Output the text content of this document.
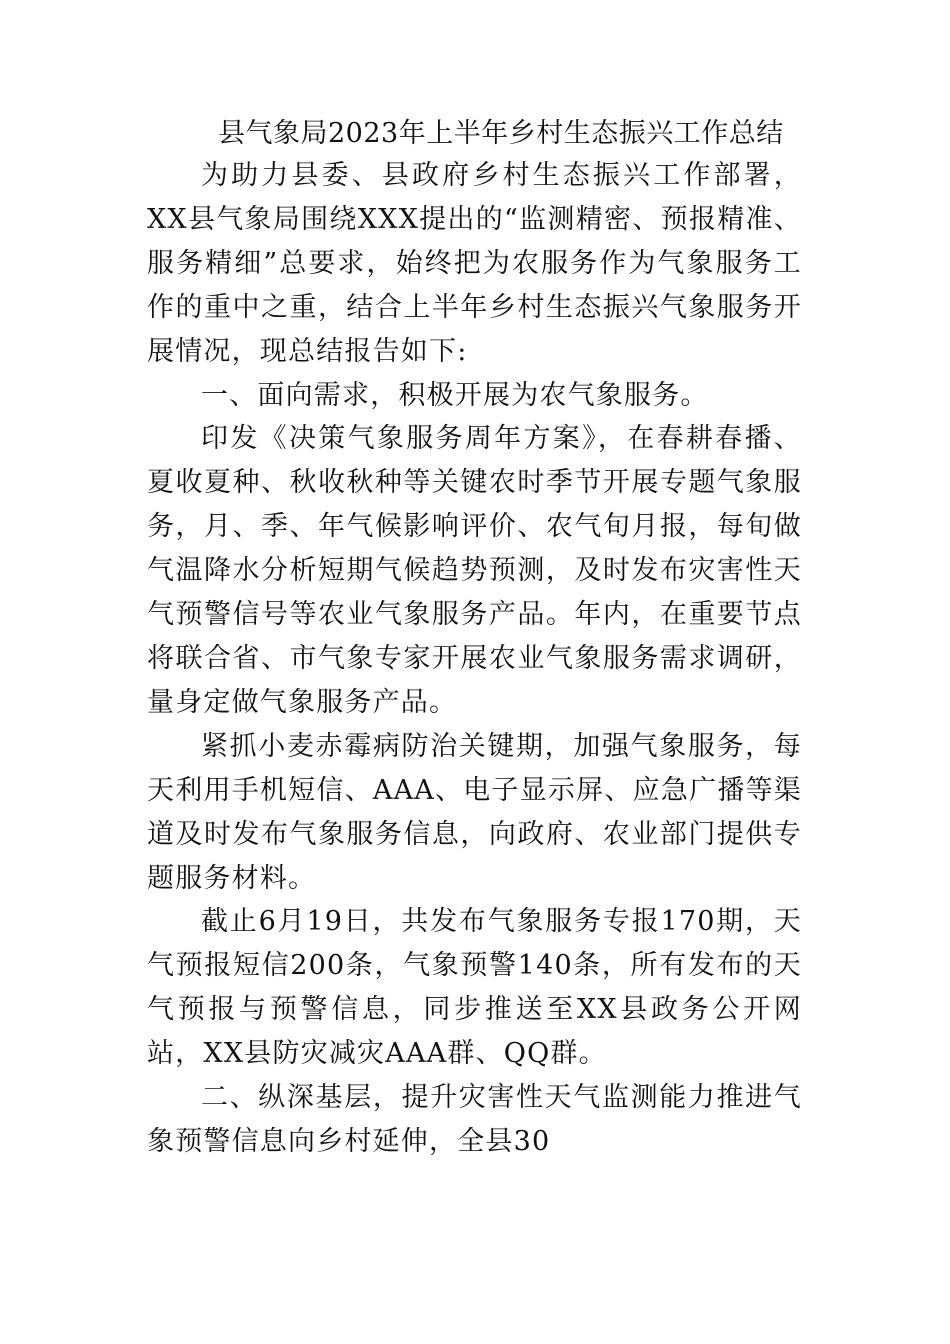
县气象局2023年上半年乡村生态振兴工作总结

为助力县委、县政府乡村生态振兴工作部署，XX县气象局围绕XXX提出的“监测精密、预报精准、服务精细”总要求，始终把为农服务作为气象服务工作的重中之重，结合上半年乡村生态振兴气象服务开展情况，现总结报告如下:

一、面向需求，积极开展为农气象服务。

印发《决策气象服务周年方案》，在春耕春播、夏收夏种、秋收秋种等关键农时季节开展专题气象服务，月、季、年气候影响评价、农气旬月报，每旬做气温降水分析短期气候趋势预测，及时发布灾害性天气预警信号等农业气象服务产品。年内，在重要节点将联合省、市气象专家开展农业气象服务需求调研，量身定做气象服务产品。

紧抓小麦赤霉病防治关键期，加强气象服务，每天利用手机短信、AAA、电子显示屏、应急广播等渠道及时发布气象服务信息，向政府、农业部门提供专题服务材料。

截止6月19日，共发布气象服务专报170期，天气预报短信200条，气象预警140条，所有发布的天气预报与预警信息，同步推送至XX县政务公开网站，XX县防灾减灾AAA群、QQ群。

二、纵深基层，提升灾害性天气监测能力推进气象预警信息向乡村延伸，全县30
